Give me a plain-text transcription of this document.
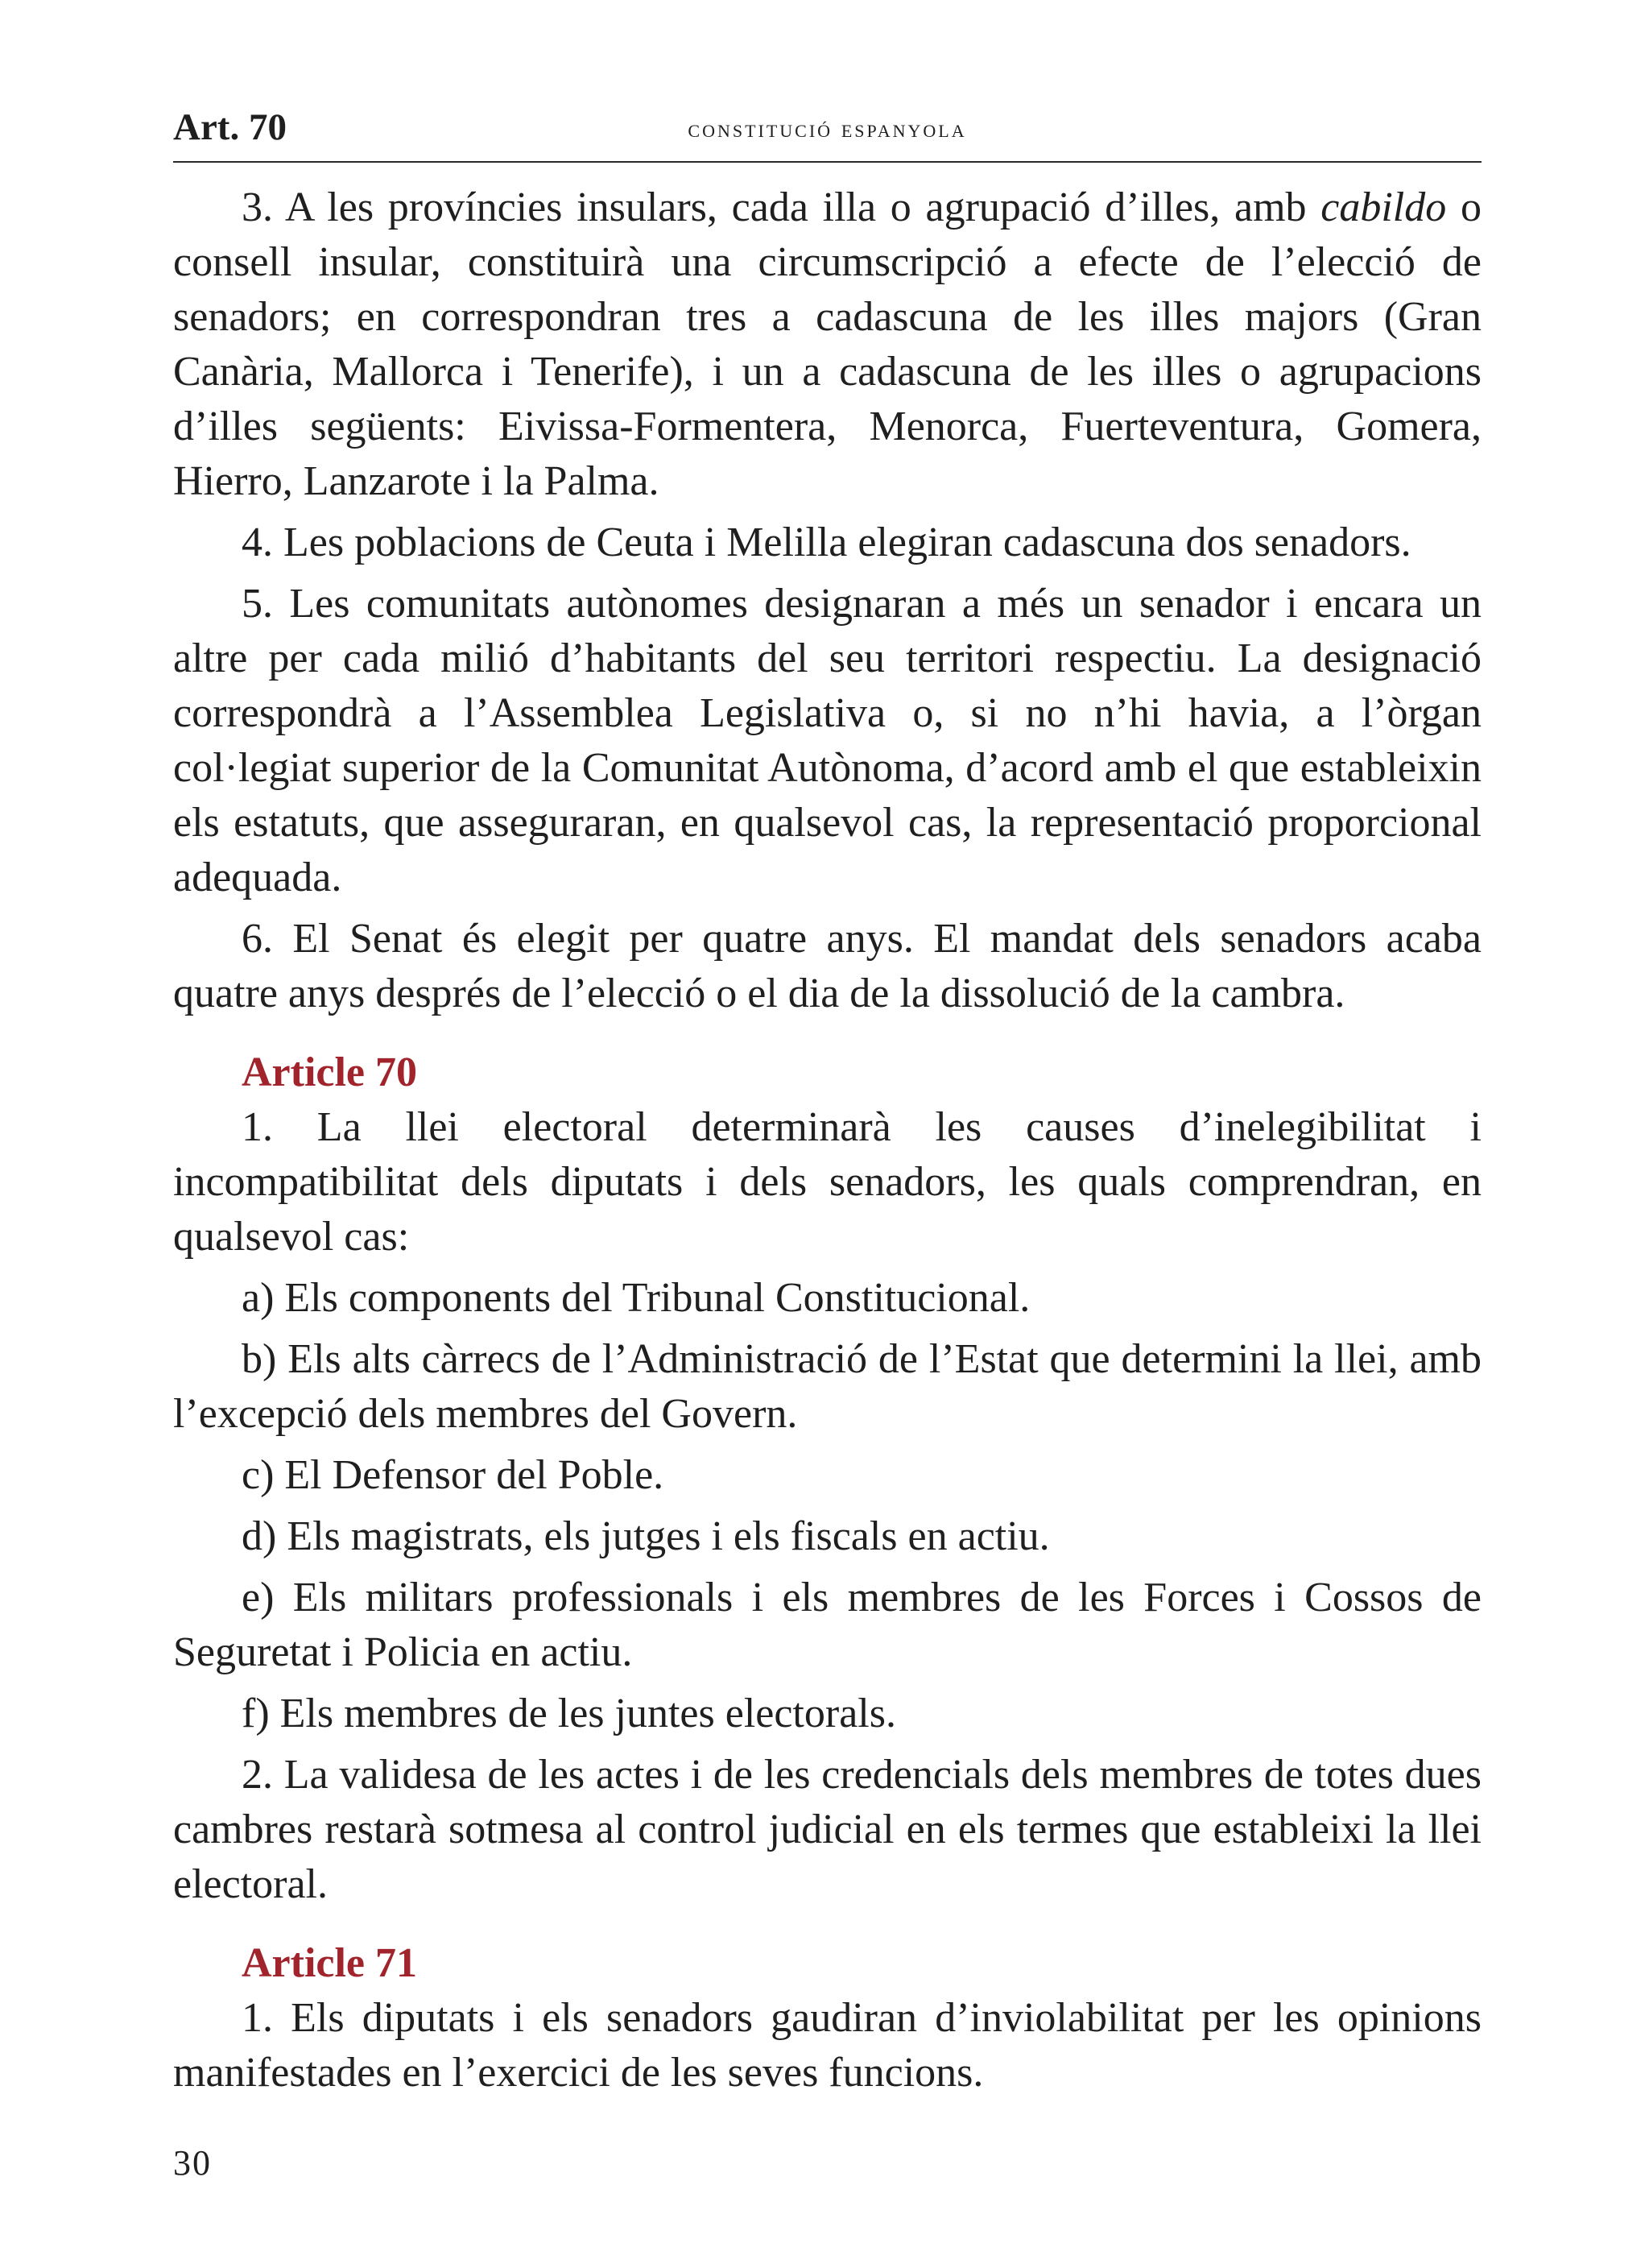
Art. 70	constitució espanyola

3. A les províncies insulars, cada illa o agrupació d’illes, amb cabildo o consell insular, constituirà una circumscripció a efecte de l’elecció de senadors; en correspondran tres a cadascuna de les illes majors (Gran Canària, Mallorca i Tenerife), i un a cadascuna de les illes o agrupacions d’illes següents: Eivissa-Formentera, Menorca, Fuerteventura, Gomera, Hierro, Lanzarote i la Palma.

4. Les poblacions de Ceuta i Melilla elegiran cadascuna dos senadors.

5. Les comunitats autònomes designaran a més un senador i encara un altre per cada milió d’habitants del seu territori respectiu. La designació correspondrà a l’Assemblea Legislativa o, si no n’hi havia, a l’òrgan col·legiat superior de la Comunitat Autònoma, d’acord amb el que estableixin els estatuts, que asseguraran, en qualsevol cas, la representació proporcional adequada.

6. El Senat és elegit per quatre anys. El mandat dels senadors acaba quatre anys després de l’elecció o el dia de la dissolució de la cambra.

Article 70

1. La llei electoral determinarà les causes d’inelegibilitat i incompatibilitat dels diputats i dels senadors, les quals comprendran, en qualsevol cas:

a) Els components del Tribunal Constitucional.

b) Els alts càrrecs de l’Administració de l’Estat que determini la llei, amb l’excepció dels membres del Govern.

c) El Defensor del Poble.

d) Els magistrats, els jutges i els fiscals en actiu.

e) Els militars professionals i els membres de les Forces i Cossos de Seguretat i Policia en actiu.

f) Els membres de les juntes electorals.

2. La validesa de les actes i de les credencials dels membres de totes dues cambres restarà sotmesa al control judicial en els termes que estableixi la llei electoral.

Article 71

1. Els diputats i els senadors gaudiran d’inviolabilitat per les opinions manifestades en l’exercici de les seves funcions.

30
